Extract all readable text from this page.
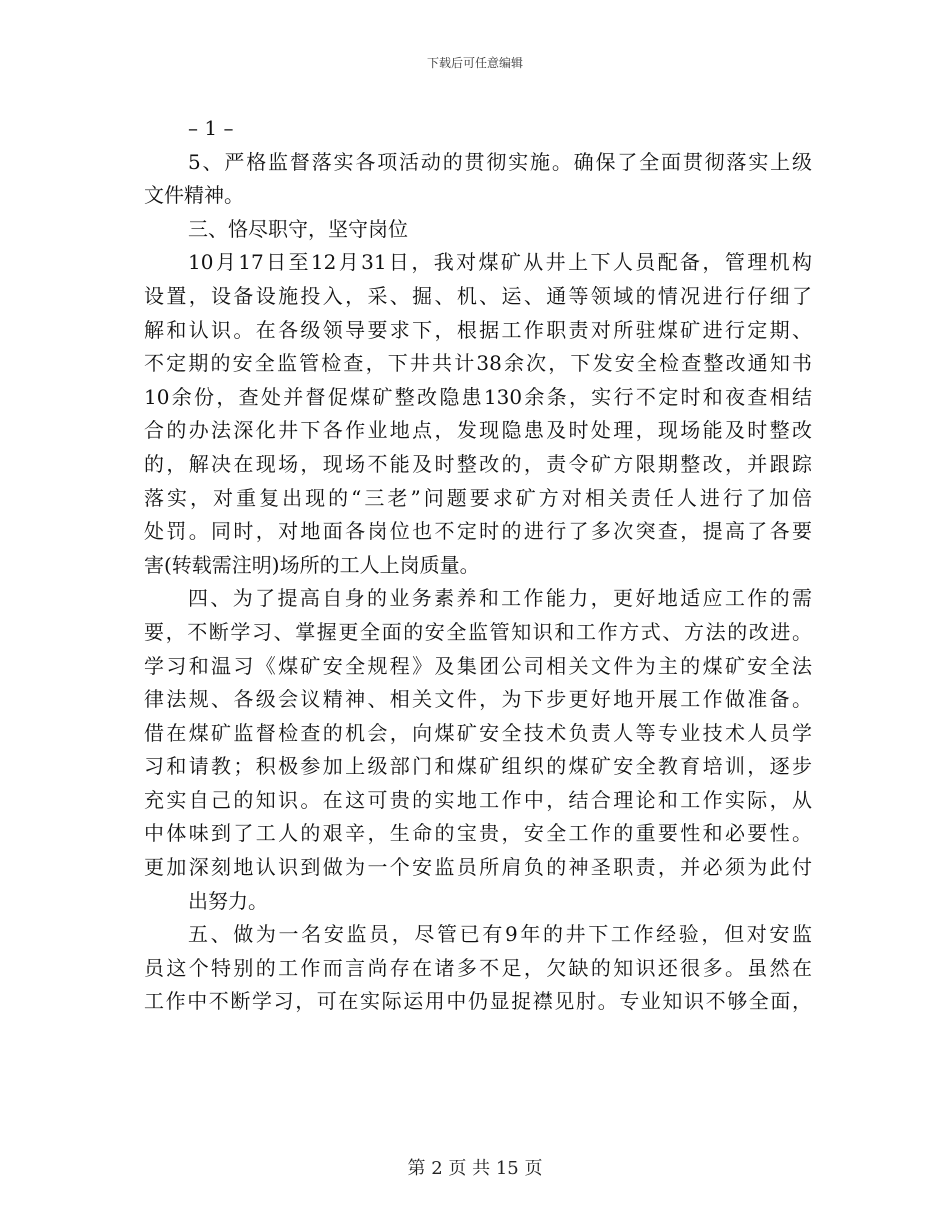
下载后可任意编辑
– 1 –
5、严格监督落实各项活动的贯彻实施。确保了全面贯彻落实上级
文件精神。
三、恪尽职守，坚守岗位
10月17日至12月31日，我对煤矿从井上下人员配备，管理机构
设置，设备设施投入，采、掘、机、运、通等领域的情况进行仔细了
解和认识。在各级领导要求下，根据工作职责对所驻煤矿进行定期、
不定期的安全监管检查，下井共计38余次，下发安全检查整改通知书
10余份，查处并督促煤矿整改隐患130余条，实行不定时和夜查相结
合的办法深化井下各作业地点，发现隐患及时处理，现场能及时整改
的，解决在现场，现场不能及时整改的，责令矿方限期整改，并跟踪
落实，对重复出现的“三老”问题要求矿方对相关责任人进行了加倍
处罚。同时，对地面各岗位也不定时的进行了多次突查，提高了各要
害(转载需注明)场所的工人上岗质量。
四、为了提高自身的业务素养和工作能力，更好地适应工作的需
要，不断学习、掌握更全面的安全监管知识和工作方式、方法的改进。
学习和温习《煤矿安全规程》及集团公司相关文件为主的煤矿安全法
律法规、各级会议精神、相关文件，为下步更好地开展工作做准备。
借在煤矿监督检查的机会，向煤矿安全技术负责人等专业技术人员学
习和请教；积极参加上级部门和煤矿组织的煤矿安全教育培训，逐步
充实自己的知识。在这可贵的实地工作中，结合理论和工作实际，从
中体味到了工人的艰辛，生命的宝贵，安全工作的重要性和必要性。
更加深刻地认识到做为一个安监员所肩负的神圣职责，并必须为此付
出努力。
五、做为一名安监员，尽管已有9年的井下工作经验，但对安监
员这个特别的工作而言尚存在诸多不足，欠缺的知识还很多。虽然在
工作中不断学习，可在实际运用中仍显捉襟见肘。专业知识不够全面，
第 2 页 共 15 页
